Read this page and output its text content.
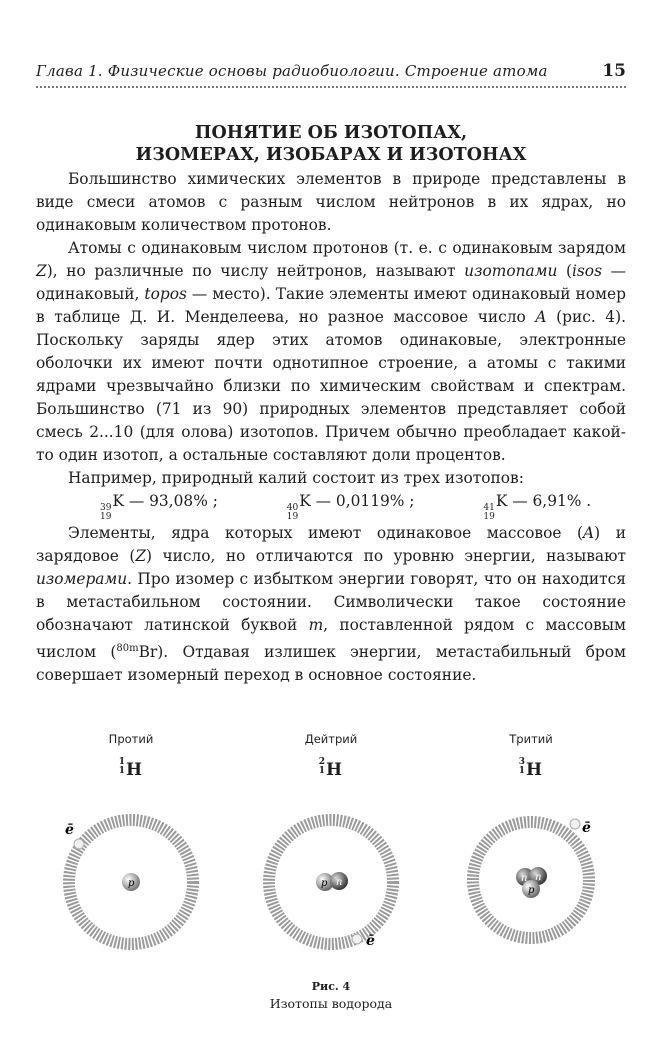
Глава 1. Физические основы радиобиологии. Строение атома	15
ПОНЯТИЕ ОБ ИЗОТОПАХ,
ИЗОМЕРАХ, ИЗОБАРАХ И ИЗОТОНАХ

Большинство химических элементов в природе представлены в виде смеси атомов с разным числом нейтронов в их ядрах, но одинаковым количеством протонов.

Атомы с одинаковым числом протонов (т. е. с одинаковым зарядом Z), но различные по числу нейтронов, называют изотопами (isos — одинаковый, topos — место). Такие элементы имеют одинаковый номер в таблице Д. И. Менделеева, но разное массовое число A (рис. 4). Поскольку заряды ядер этих атомов одинаковые, электронные оболочки их имеют почти однотипное строение, а атомы с такими ядрами чрезвычайно близки по химическим свойствам и спектрам. Большинство (71 из 90) природных элементов представляет собой смесь 2...10 (для олова) изотопов. Причем обычно преобладает какой-то один изотоп, а остальные составляют доли процентов.

Например, природный калий состоит из трех изотопов:

39
19
K — 93,08% ;	40
19
K — 0,0119% ;	41
19
K — 6,91% .

Элементы, ядра которых имеют одинаковое массовое (A) и зарядовое (Z) число, но отличаются по уровню энергии, называют изомерами. Про изомер с избытком энергии говорят, что он находится в метастабильном состоянии. Символически такое состояние обозначают латинской буквой m, поставленной рядом с массовым числом ($^{80m}$Br). Отдавая излишек энергии, метастабильный бром совершает изомерный переход в основное состояние.

Протий
1
1 H
p
ē
Дейтрий
2
1 H
p n
ē
Тритий
3
1 H
n n
p
ē
Рис. 4
Изотопы водорода
